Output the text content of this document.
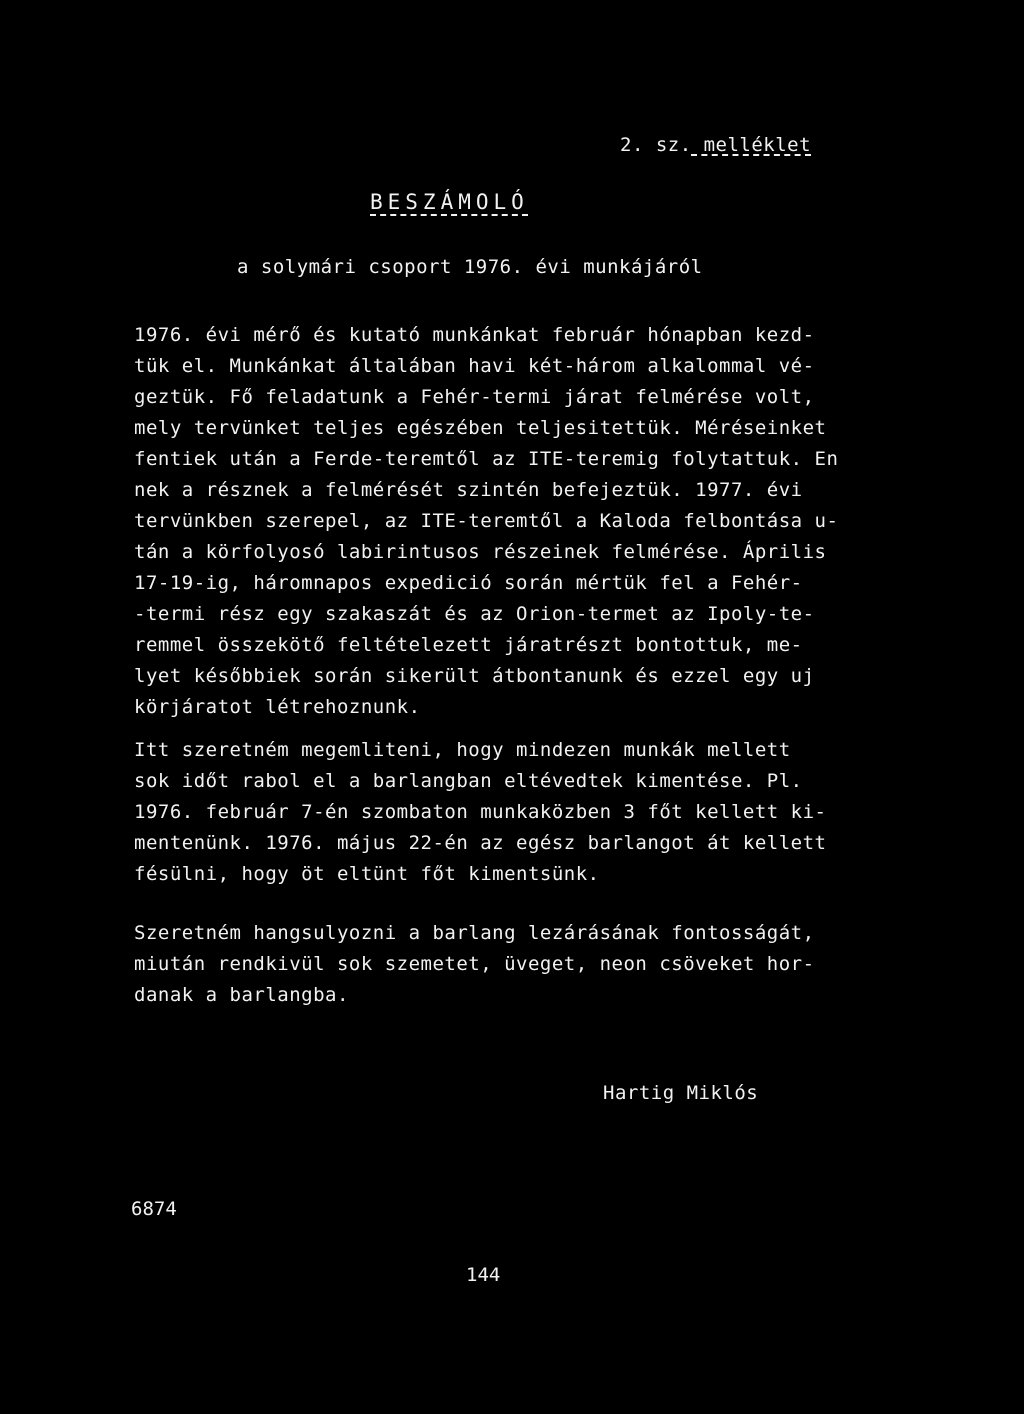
2. sz. melléklet
BESZÁMOLÓ
a solymári csoport 1976. évi munkájáról
1976. évi mérő és kutató munkánkat február hónapban kezd-
tük el. Munkánkat általában havi két-három alkalommal vé-
geztük. Fő feladatunk a Fehér-termi járat felmérése volt,
mely tervünket teljes egészében teljesitettük. Méréseinket
fentiek után a Ferde-teremtől az ITE-teremig folytattuk. En
nek a résznek a felmérését szintén befejeztük. 1977. évi
tervünkben szerepel, az ITE-teremtől a Kaloda felbontása u-
tán a körfolyosó labirintusos részeinek felmérése. Április
17-19-ig, háromnapos expedició során mértük fel a Fehér-
-termi rész egy szakaszát és az Orion-termet az Ipoly-te-
remmel összekötő feltételezett járatrészt bontottuk, me-
lyet későbbiek során sikerült átbontanunk és ezzel egy uj
körjáratot létrehoznunk.
Itt szeretném megemliteni, hogy mindezen munkák mellett
sok időt rabol el a barlangban eltévedtek kimentése. Pl.
1976. február 7-én szombaton munkaközben 3 főt kellett ki-
mentenünk. 1976. május 22-én az egész barlangot át kellett
fésülni, hogy öt eltünt főt kimentsünk.
Szeretném hangsulyozni a barlang lezárásának fontosságát,
miután rendkivül sok szemetet, üveget, neon csöveket hor-
danak a barlangba.
Hartig Miklós
6874
144
